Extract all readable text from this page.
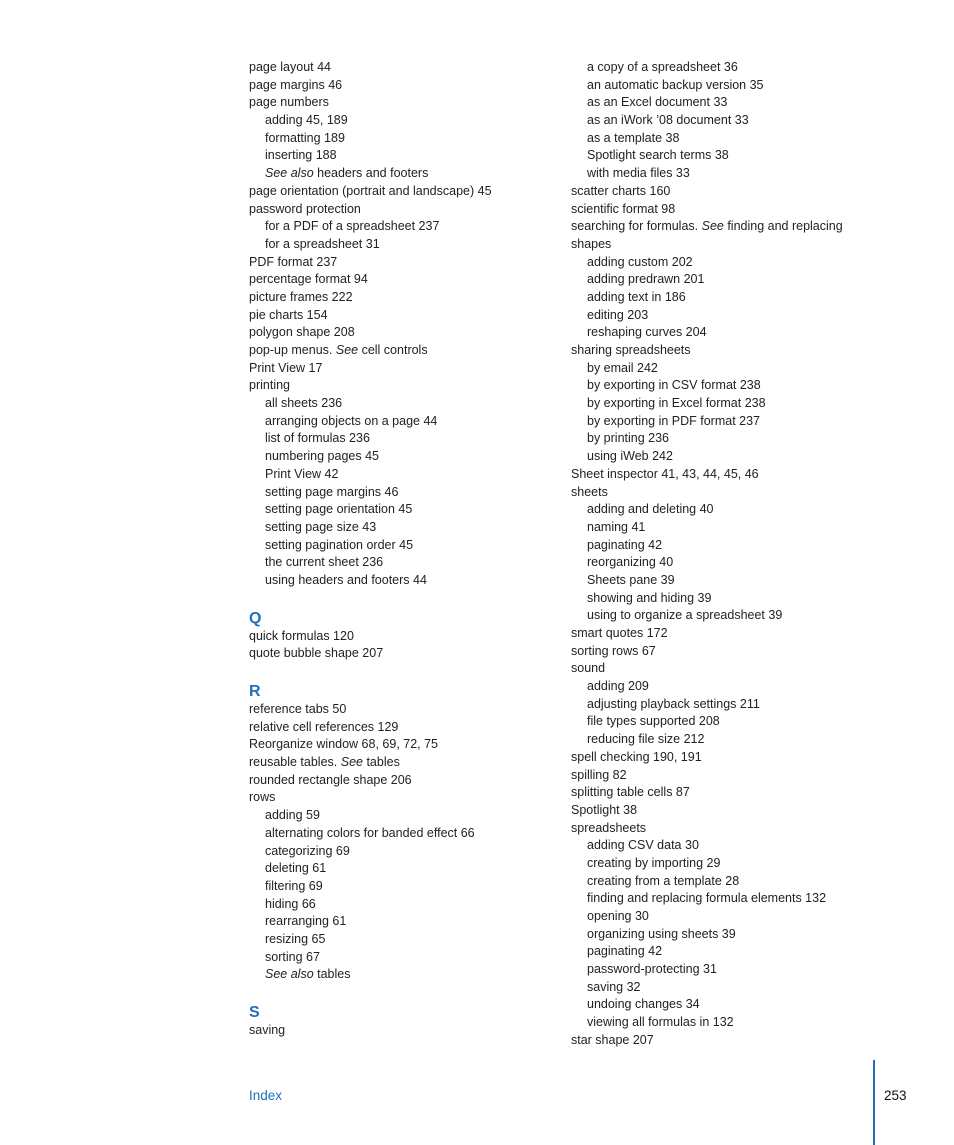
page layout 44
page margins 46
page numbers
adding 45, 189
formatting 189
inserting 188
See also headers and footers
page orientation (portrait and landscape) 45
password protection
for a PDF of a spreadsheet 237
for a spreadsheet 31
PDF format 237
percentage format 94
picture frames 222
pie charts 154
polygon shape 208
pop-up menus. See cell controls
Print View 17
printing
all sheets 236
arranging objects on a page 44
list of formulas 236
numbering pages 45
Print View 42
setting page margins 46
setting page orientation 45
setting page size 43
setting pagination order 45
the current sheet 236
using headers and footers 44
Q
quick formulas 120
quote bubble shape 207
R
reference tabs 50
relative cell references 129
Reorganize window 68, 69, 72, 75
reusable tables. See tables
rounded rectangle shape 206
rows
adding 59
alternating colors for banded effect 66
categorizing 69
deleting 61
filtering 69
hiding 66
rearranging 61
resizing 65
sorting 67
See also tables
S
saving
a copy of a spreadsheet 36
an automatic backup version 35
as an Excel document 33
as an iWork ’08 document 33
as a template 38
Spotlight search terms 38
with media files 33
scatter charts 160
scientific format 98
searching for formulas. See finding and replacing
shapes
adding custom 202
adding predrawn 201
adding text in 186
editing 203
reshaping curves 204
sharing spreadsheets
by email 242
by exporting in CSV format 238
by exporting in Excel format 238
by exporting in PDF format 237
by printing 236
using iWeb 242
Sheet inspector 41, 43, 44, 45, 46
sheets
adding and deleting 40
naming 41
paginating 42
reorganizing 40
Sheets pane 39
showing and hiding 39
using to organize a spreadsheet 39
smart quotes 172
sorting rows 67
sound
adding 209
adjusting playback settings 211
file types supported 208
reducing file size 212
spell checking 190, 191
spilling 82
splitting table cells 87
Spotlight 38
spreadsheets
adding CSV data 30
creating by importing 29
creating from a template 28
finding and replacing formula elements 132
opening 30
organizing using sheets 39
paginating 42
password-protecting 31
saving 32
undoing changes 34
viewing all formulas in 132
star shape 207
Index	253
